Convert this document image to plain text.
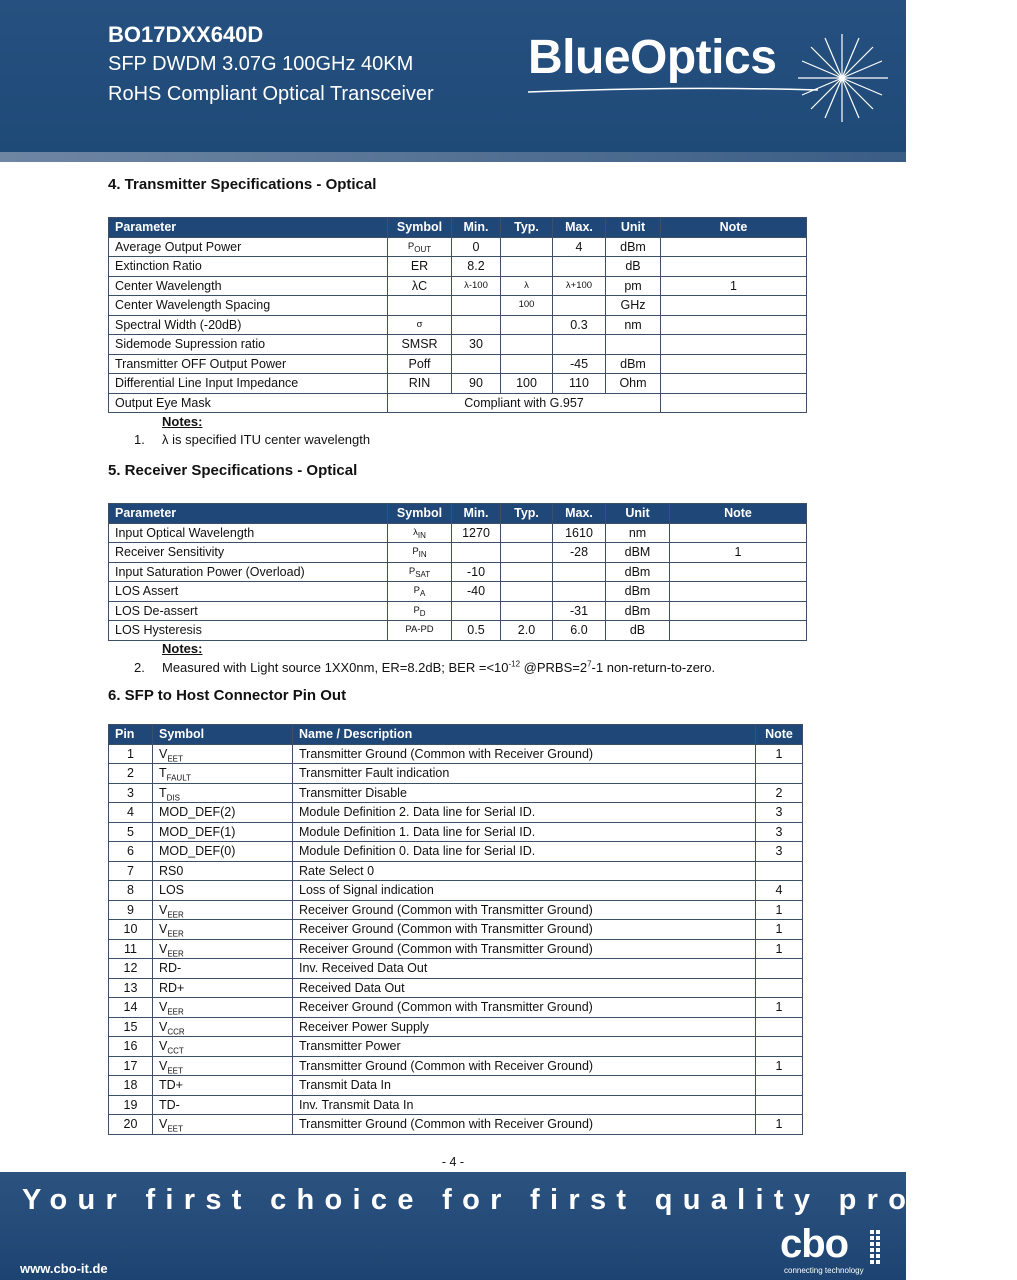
BO17DXX640D
SFP DWDM 3.07G 100GHz 40KM
RoHS Compliant Optical Transceiver
BlueOptics
4. Transmitter Specifications - Optical
Parameter	Symbol	Min.	Typ.	Max.	Unit	Note
Average Output Power	$P_{OUT}$	0		4	dBm	
Extinction Ratio	ER	8.2			dB	
Center Wavelength	λC	λ-100	λ	λ+100	pm	1
Center Wavelength Spacing			100		GHz	
Spectral Width (-20dB)	σ			0.3	nm	
Sidemode Supression ratio	SMSR	30				
Transmitter OFF Output Power	Poff			-45	dBm	
Differential Line Input Impedance	RIN	90	100	110	Ohm	
Output Eye Mask	Compliant with G.957					
Notes:
1. λ is specified ITU center wavelength
5. Receiver Specifications - Optical
Parameter	Symbol	Min.	Typ.	Max.	Unit	Note
Input Optical Wavelength	$\lambda_{IN}$	1270		1610	nm	
Receiver Sensitivity	$P_{IN}$			-28	dBM	1
Input Saturation Power (Overload)	$P_{SAT}$	-10			dBm	
LOS Assert	$P_A$	-40			dBm	
LOS De-assert	$P_D$			-31	dBm	
LOS Hysteresis	PA-PD	0.5	2.0	6.0	dB	
Notes:
2. Measured with Light source 1XX0nm, ER=8.2dB; BER $=<10^{-12}$ $@PRBS=2^7-1$ non-return-to-zero.
6. SFP to Host Connector Pin Out
Pin	Symbol	Name / Description	Note
1	$V_{EET}$	Transmitter Ground (Common with Receiver Ground)	1
2	$T_{FAULT}$	Transmitter Fault indication	
3	$T_{DIS}$	Transmitter Disable	2
4	MOD_DEF(2)	Module Definition 2. Data line for Serial ID.	3
5	MOD_DEF(1)	Module Definition 1. Data line for Serial ID.	3
6	MOD_DEF(0)	Module Definition 0. Data line for Serial ID.	3
7	RS0	Rate Select 0	
8	LOS	Loss of Signal indication	4
9	$V_{EER}$	Receiver Ground (Common with Transmitter Ground)	1
10	$V_{EER}$	Receiver Ground (Common with Transmitter Ground)	1
11	$V_{EER}$	Receiver Ground (Common with Transmitter Ground)	1
12	RD-	Inv. Received Data Out	
13	RD+	Received Data Out	
14	$V_{EER}$	Receiver Ground (Common with Transmitter Ground)	1
15	$V_{CCR}$	Receiver Power Supply	
16	$V_{CCT}$	Transmitter Power	
17	$V_{EET}$	Transmitter Ground (Common with Receiver Ground)	1
18	TD+	Transmit Data In	
19	TD-	Inv. Transmit Data In	
20	$V_{EET}$	Transmitter Ground (Common with Receiver Ground)	1
- 4 -
Your first choice for first quality prodcts
www.cbo-it.de
cbo
connecting technology
